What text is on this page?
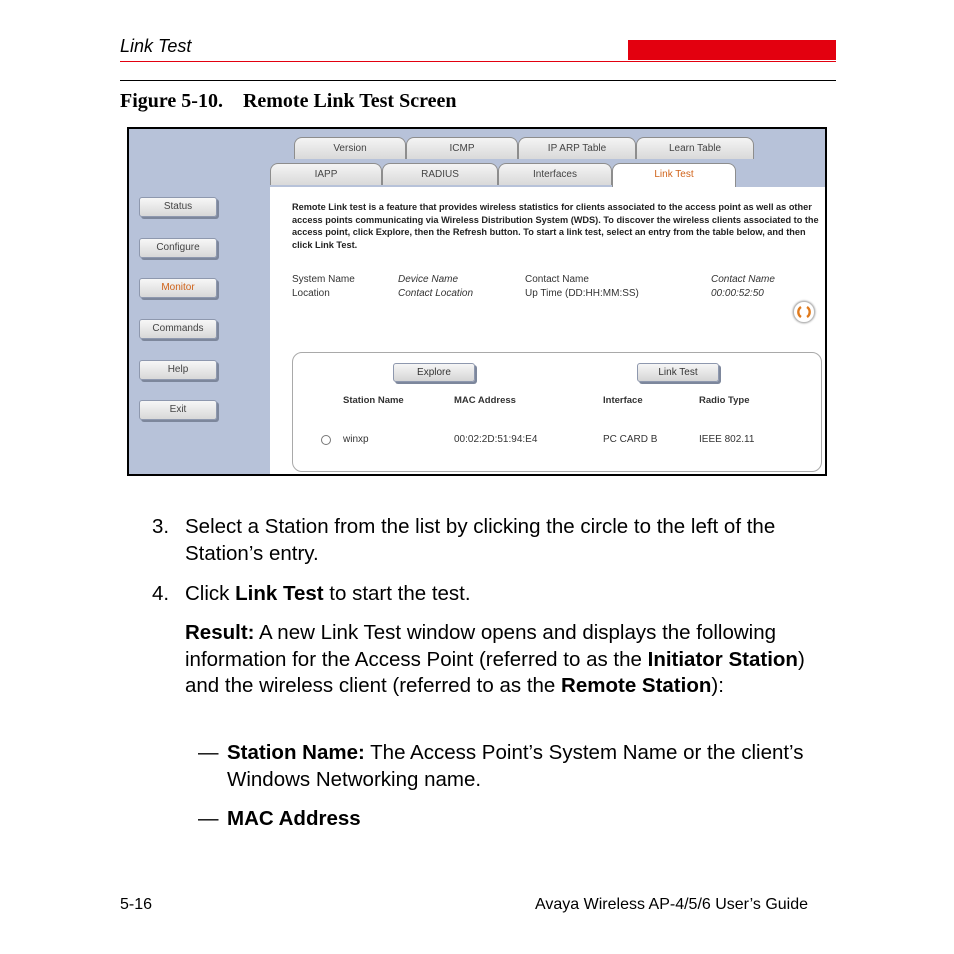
Link Test
Figure 5-10.    Remote Link Test Screen
Status
Configure
Monitor
Commands
Help
Exit
Version	ICMP	IP ARP Table	Learn Table
IAPP	RADIUS	Interfaces	Link Test
Remote Link test is a feature that provides wireless statistics for clients associated to the access point as well as other access points communicating via Wireless Distribution System (WDS). To discover the wireless clients associated to the access point, click Explore, then the Refresh button. To start a link test, select an entry from the table below, and then click Link Test.
System Name	Device Name	Contact Name	Contact Name
Location	Contact Location	Up Time (DD:HH:MM:SS)	00:00:52:50
Explore	Link Test
Station Name	MAC Address	Interface	Radio Type
winxp	00:02:2D:51:94:E4	PC CARD B	IEEE 802.11
3. Select a Station from the list by clicking the circle to the left of the Station’s entry.
4. Click Link Test to start the test.
Result: A new Link Test window opens and displays the following information for the Access Point (referred to as the Initiator Station) and the wireless client (referred to as the Remote Station):
— Station Name: The Access Point’s System Name or the client’s Windows Networking name.
— MAC Address
5-16	Avaya Wireless AP-4/5/6 User’s Guide
